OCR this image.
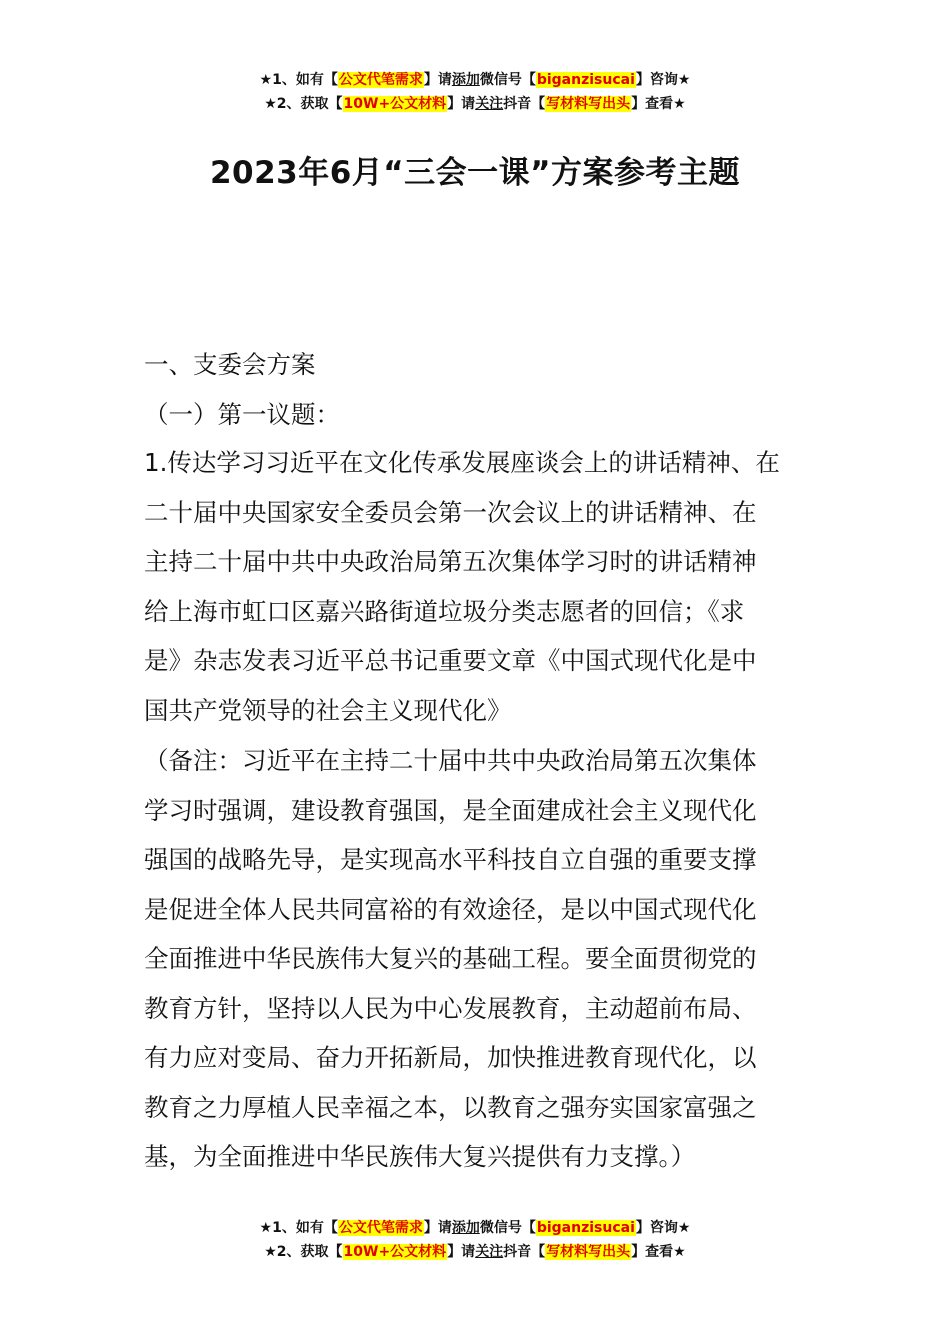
★1、如有【公文代笔需求】请添加微信号【biganzisucai】咨询★
★2、获取【10W+公文材料】请关注抖音【写材料写出头】查看★
2023年6月“三会一课”方案参考主题
一、支委会方案
（一）第一议题：
1.传达学习习近平在文化传承发展座谈会上的讲话精神、在
二十届中央国家安全委员会第一次会议上的讲话精神、在
主持二十届中共中央政治局第五次集体学习时的讲话精神
给上海市虹口区嘉兴路街道垃圾分类志愿者的回信；《求
是》杂志发表习近平总书记重要文章《中国式现代化是中
国共产党领导的社会主义现代化》
（备注：习近平在主持二十届中共中央政治局第五次集体
学习时强调，建设教育强国，是全面建成社会主义现代化
强国的战略先导，是实现高水平科技自立自强的重要支撑
是促进全体人民共同富裕的有效途径，是以中国式现代化
全面推进中华民族伟大复兴的基础工程。要全面贯彻党的
教育方针，坚持以人民为中心发展教育，主动超前布局、
有力应对变局、奋力开拓新局，加快推进教育现代化，以
教育之力厚植人民幸福之本，以教育之强夯实国家富强之
基，为全面推进中华民族伟大复兴提供有力支撑。）
★1、如有【公文代笔需求】请添加微信号【biganzisucai】咨询★
★2、获取【10W+公文材料】请关注抖音【写材料写出头】查看★
